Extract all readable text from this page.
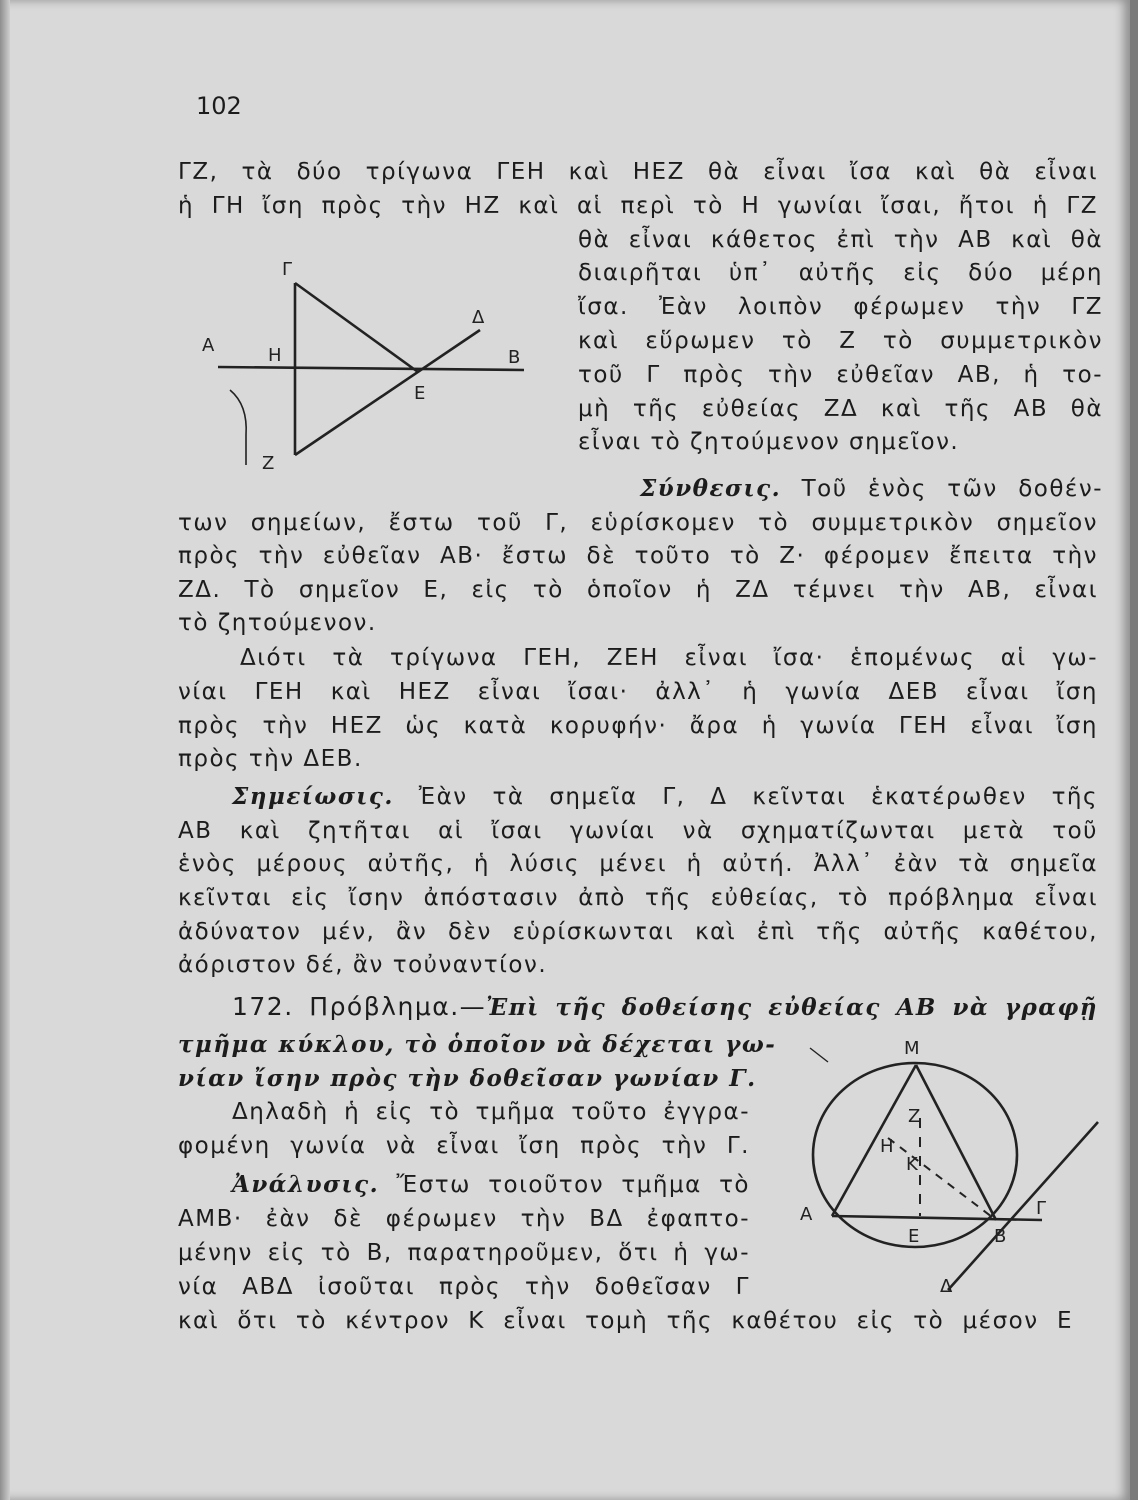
102
ΓΖ, τὰ δύο τρίγωνα ΓΕΗ καὶ ΗΕΖ θὰ εἶναι ἴσα καὶ θὰ εἶναι
ἡ ΓΗ ἴση πρὸς τὴν ΗΖ καὶ αἱ περὶ τὸ Η γωνίαι ἴσαι, ἤτοι ἡ ΓΖ
θὰ εἶναι κάθετος ἐπὶ τὴν ΑΒ καὶ θὰ
διαιρῆται ὑπ᾽ αὐτῆς εἰς δύο μέρη
ἴσα. Ἐὰν λοιπὸν φέρωμεν τὴν ΓΖ
καὶ εὕρωμεν τὸ Ζ τὸ συμμετρικὸν
τοῦ Γ πρὸς τὴν εὐθεῖαν ΑΒ, ἡ το-
μὴ τῆς εὐθείας ΖΔ καὶ τῆς ΑΒ θὰ
εἶναι τὸ ζητούμενον σημεῖον.
Γ
Δ
Α	Η	Β
Ε
Ζ
Σύνθεσις. Τοῦ ἑνὸς τῶν δοθέν-
των σημείων, ἔστω τοῦ Γ, εὑρίσκομεν τὸ συμμετρικὸν σημεῖον
πρὸς τὴν εὐθεῖαν ΑΒ· ἔστω δὲ τοῦτο τὸ Ζ· φέρομεν ἔπειτα τὴν
ΖΔ. Τὸ σημεῖον Ε, εἰς τὸ ὁποῖον ἡ ΖΔ τέμνει τὴν ΑΒ, εἶναι
τὸ ζητούμενον.
Διότι τὰ τρίγωνα ΓΕΗ, ΖΕΗ εἶναι ἴσα· ἑπομένως αἱ γω-
νίαι ΓΕΗ καὶ ΗΕΖ εἶναι ἴσαι· ἀλλ᾽ ἡ γωνία ΔΕΒ εἶναι ἴση
πρὸς τὴν ΗΕΖ ὡς κατὰ κορυφήν· ἄρα ἡ γωνία ΓΕΗ εἶναι ἴση
πρὸς τὴν ΔΕΒ.
Σημείωσις. Ἐὰν τὰ σημεῖα Γ, Δ κεῖνται ἑκατέρωθεν τῆς
ΑΒ καὶ ζητῆται αἱ ἴσαι γωνίαι νὰ σχηματίζωνται μετὰ τοῦ
ἑνὸς μέρους αὐτῆς, ἡ λύσις μένει ἡ αὐτή. Ἀλλ᾽ ἐὰν τὰ σημεῖα
κεῖνται εἰς ἴσην ἀπόστασιν ἀπὸ τῆς εὐθείας, τὸ πρόβλημα εἶναι
ἀδύνατον μέν, ἂν δὲν εὑρίσκωνται καὶ ἐπὶ τῆς αὐτῆς καθέτου,
ἀόριστον δέ, ἂν τοὐναντίον.
172. Πρόβλημα.—Ἐπὶ τῆς δοθείσης εὐθείας ΑΒ νὰ γραφῇ
τμῆμα κύκλου, τὸ ὁποῖον νὰ δέχεται γω-
νίαν ἴσην πρὸς τὴν δοθεῖσαν γωνίαν Γ.
Δηλαδὴ ἡ εἰς τὸ τμῆμα τοῦτο ἐγγρα-
φομένη γωνία νὰ εἶναι ἴση πρὸς τὴν Γ.
Ἀνάλυσις. Ἔστω τοιοῦτον τμῆμα τὸ
ΑΜΒ· ἐὰν δὲ φέρωμεν τὴν ΒΔ ἐφαπτο-
μένην εἰς τὸ Β, παρατηροῦμεν, ὅτι ἡ γω-
νία ΑΒΔ ἰσοῦται πρὸς τὴν δοθεῖσαν Γ
καὶ ὅτι τὸ κέντρον Κ εἶναι τομὴ τῆς καθέτου εἰς τὸ μέσον Ε
Μ
Ζ
Η
Κ
Α
Ε	Β
Γ
Δ
